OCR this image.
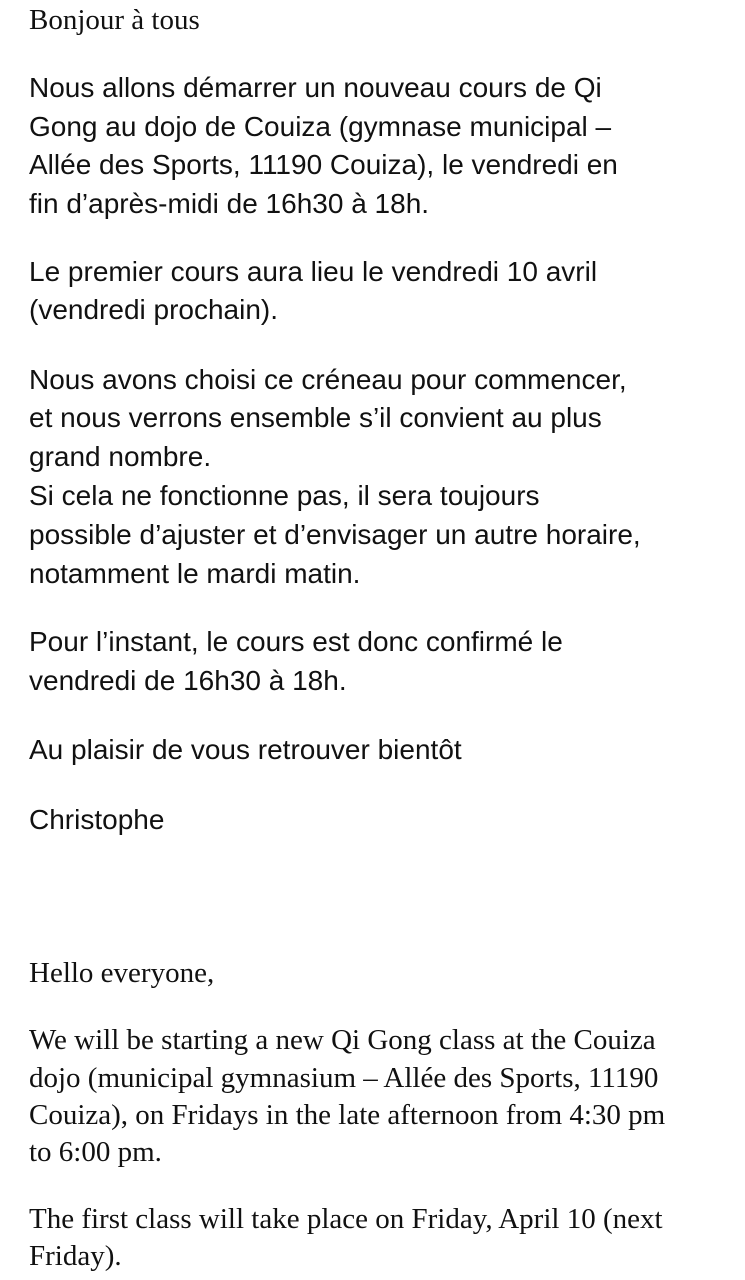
Bonjour à tous
Nous allons démarrer un nouveau cours de Qi
Gong au dojo de Couiza (gymnase municipal –
Allée des Sports, 11190 Couiza), le vendredi en
fin d’après-midi de 16h30 à 18h.
Le premier cours aura lieu le vendredi 10 avril
(vendredi prochain).
Nous avons choisi ce créneau pour commencer,
et nous verrons ensemble s’il convient au plus
grand nombre.
Si cela ne fonctionne pas, il sera toujours
possible d’ajuster et d’envisager un autre horaire,
notamment le mardi matin.
Pour l’instant, le cours est donc confirmé le
vendredi de 16h30 à 18h.
Au plaisir de vous retrouver bientôt
Christophe
Hello everyone,
We will be starting a new Qi Gong class at the Couiza
dojo (municipal gymnasium – Allée des Sports, 11190
Couiza), on Fridays in the late afternoon from 4:30 pm
to 6:00 pm.
The first class will take place on Friday, April 10 (next
Friday).
